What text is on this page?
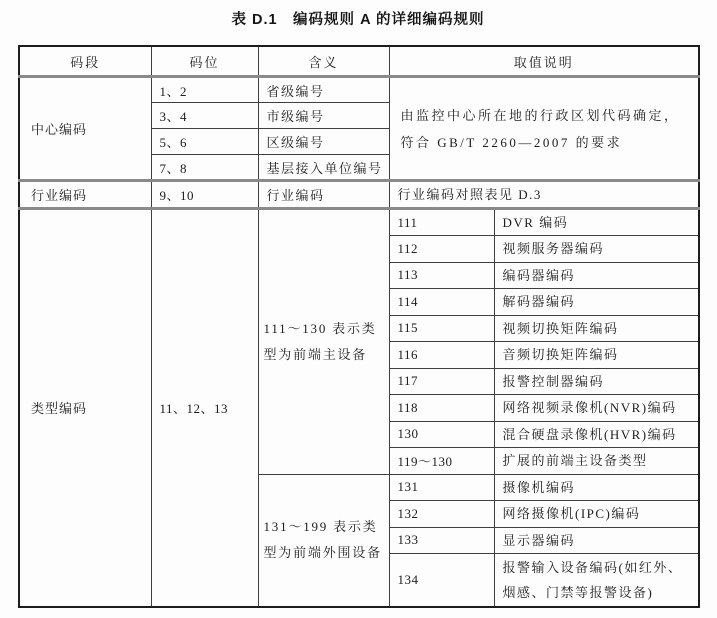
表 D.1　编码规则 A 的详细编码规则
码段	码位	含义	取值说明	
中心编码	1、2	省级编号	由监控中心所在地的行政区划代码确定，符合 GB/T 2260—2007 的要求	
	3、4	市级编号		
	5、6	区级编号		
	7、8	基层接入单位编号		
行业编码	9、10	行业编码	行业编码对照表见 D.3	
类型编码	11、12、13	111～130 表示类型为前端主设备	111	DVR 编码
			112	视频服务器编码
			113	编码器编码
			114	解码器编码
			115	视频切换矩阵编码
			116	音频切换矩阵编码
			117	报警控制器编码
			118	网络视频录像机(NVR)编码
			130	混合硬盘录像机(HVR)编码
			119～130	扩展的前端主设备类型
		131～199 表示类型为前端外围设备	131	摄像机编码
			132	网络摄像机(IPC)编码
			133	显示器编码
			134	报警输入设备编码(如红外、烟感、门禁等报警设备)
